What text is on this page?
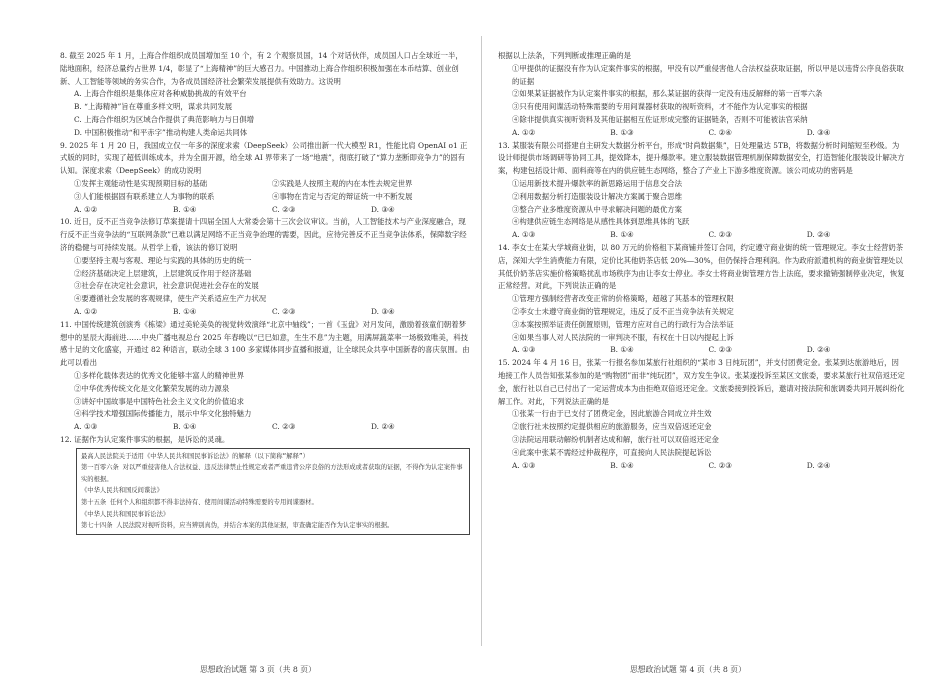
8. 截至 2025 年 1 月，上海合作组织成员国增加至 10 个，有 2 个观察员国，14 个对话伙伴，成员国人口占全球近一半，陆地面积，经济总量约占世界 1/4，彰显了“上海精神”的巨大感召力。中国推动上海合作组织积极加强在本币结算、创业创新、人工智能等领域的务实合作，为各成员国经济社会繁荣发展提供有效助力。这说明

A. 上海合作组织是集体应对各种威胁挑战的有效平台

B. “上海精神”旨在尊重多样文明，谋求共同发展

C. 上海合作组织为区域合作提供了典范影响力与日俱增

D. 中国积极推动“和平赤字”推动构建人类命运共同体

9. 2025 年 1 月 20 日，我国成立仅一年多的深度求索（DeepSeek）公司推出新一代大模型 R1，性能比肩 OpenAI o1 正式版的同时，实现了超低训练成本，并为全面开源，给全球 AI 界带来了一场“地震”，彻底打破了“算力垄断即竞争力”的固有认知。深度求索（DeepSeek）的成功说明

①发挥主观能动性是实现预期目标的基础	②实践是人按照主观的内在本性去规定世界
③人们能根据固有联系建立人为事物的联系	④事物在肯定与否定的辩证统一中不断发展
A. ①②	B. ①④	C. ②③	D. ③④

10. 近日，反不正当竞争法修订草案提请十四届全国人大常委会第十三次会议审议。当前，人工智能技术与产业深度融合，现行反不正当竞争法的“互联网条款”已难以满足网络不正当竞争治理的需要，因此，应待完善反不正当竞争法体系，保障数字经济的稳健与可持续发展。从哲学上看，该法的修订说明

①要坚持主观与客观、理论与实践的具体的历史的统一

②经济基础决定上层建筑，上层建筑反作用于经济基础

③社会存在决定社会意识，社会意识促进社会存在的发展

④要遵循社会发展的客观规律，使生产关系适应生产力状况

A. ①②	B. ①④	C. ②③	D. ③④

11. 中国传统建筑创演秀《栋梁》通过美轮美奂的视觉转效演绎“北京中轴线”；一首《玉盘》对月发问，激励着孩童们朝着梦想中的星辰大海前进……中央广播电视总台 2025 年春晚以“已巳如意，生生不息”为主题，用满屏蔬菜率一场极致唯美，科技感十足的文化盛宴，开通过 82 种语言，联动全球 3 100 多家媒体同步直播和报道，让全球民众共享中国新春的喜庆氛围。由此可以看出

①多样化载体表达的优秀文化能够丰富人的精神世界

②中华优秀传统文化是文化繁荣发展的动力源泉

③讲好中国故事是中国特色社会主义文化的价值追求

④科学技术增强国际传播能力，展示中华文化独特魅力

A. ①③	B. ①④	C. ②③	D. ②④

12. 证据作为认定案件事实的根据，是诉讼的灵魂。

最高人民法院关于适用《中华人民共和国民事诉讼法》的解释（以下简称“解释”）
第一百零六条 对以严重侵害他人合法权益、违反法律禁止性规定或者严重违背公序良俗的方法形成或者获取的证据，不得作为认定案件事实的根据。
《中华人民共和国反间谍法》
第十五条 任何个人和组织都不得非法持有、使用间谍活动特殊需要的专用间谍器材。
《中华人民共和国民事诉讼法》
第七十四条 人民法院对视听资料，应当辨别真伪，并结合本案的其他证据，审查确定能否作为认定事实的根据。

根据以上法条，下列判断或推理正确的是

①甲提供的证据没有作为认定案件事实的根据，甲没有以严重侵害他人合法权益获取证据，所以甲是以违背公序良俗获取的证据

②如果某证据被作为认定案件事实的根据，那么某证据的获得一定没有违反解释的第一百零六条

③只有使用间谍活动特殊需要的专用间谍器材获取的视听资料，才不能作为认定事实的根据

④除非提供真实视听资料及其他证据相互佐证形成完整的证据链条，否则不可能被法官采纳

A. ①②	B. ①③	C. ②④	D. ③④

13. 某服装有限公司搭建自主研发大数据分析平台，形成“时尚数据集”，日处理量达 5TB，将数据分析时间缩短至秒级。为设计师提供市场调研等协同工具，提效降本，提升爆款率。建立服装数据管理机制保障数据安全，打造智能化服装设计解决方案，构建包括设计师、面料商等在内的供应链生态网络，整合了产业上下游多维度资源。该公司成功的密码是

①运用新技术提升爆款率的新思路运用于信息交合法

②利用数据分析打造服装设计解决方案属于聚合思维

③整合产业多维度资源从中寻求解决问题的最优方案

④构建供应链生态网络是从感性具体到思维具体的飞跃

A. ①③	B. ①④	C. ②③	D. ②④

14. 李女士在某大学城商业街，以 80 万元的价格租下某商铺并签订合同，约定遵守商业街的统一管理规定。李女士经营奶茶店，深知大学生消费能力有限，定价比其他奶茶店低 20%—30%，但仍保持合理利润。作为政府派遣机构的商业街管理处以其低价奶茶店实施价格策略扰乱市场秩序为由让李女士停业。李女士将商业街管理方告上法庭，要求撤销强制停业决定，恢复正常经营。对此，下列说法正确的是

①管理方强制经营者改变正常的价格策略，超越了其基本的管理权限

②李女士未遵守商业街的管理规定，违反了反不正当竞争法有关规定

③本案按照举证责任倒置原则，管理方应对自己的行政行为合法举证

④如果当事人对人民法院的一审判决不服，有权在十日以内提起上诉

A. ①③	B. ①④	C. ②③	D. ②④

15. 2024 年 4 月 16 日，张某一行报名参加某旅行社组织的“某市 3 日纯玩团”，并支付团费定金。张某到达旅游地后，因地接工作人员告知张某参加的是“购物团”而非“纯玩团”，双方发生争议。张某遂投诉至某区文旅委，要求某旅行社双倍返还定金，旅行社以自己已付出了一定运营成本为由拒绝双倍返还定金。文旅委接到投诉后，邀请对接法院和旅调委共同开展纠纷化解工作。对此，下列说法正确的是

①张某一行由于已支付了团费定金，因此旅游合同成立并生效

②旅行社未按照约定提供相应的旅游服务，应当双倍返还定金

③法院运用联动解纷机制者达成和解，旅行社可以双倍返还定金

④此案中张某不需经过仲裁程序，可直接向人民法院提起诉讼

A. ①③	B. ①④	C. ②③	D. ②④
思想政治试题 第 3 页（共 8 页）	思想政治试题 第 4 页（共 8 页）
